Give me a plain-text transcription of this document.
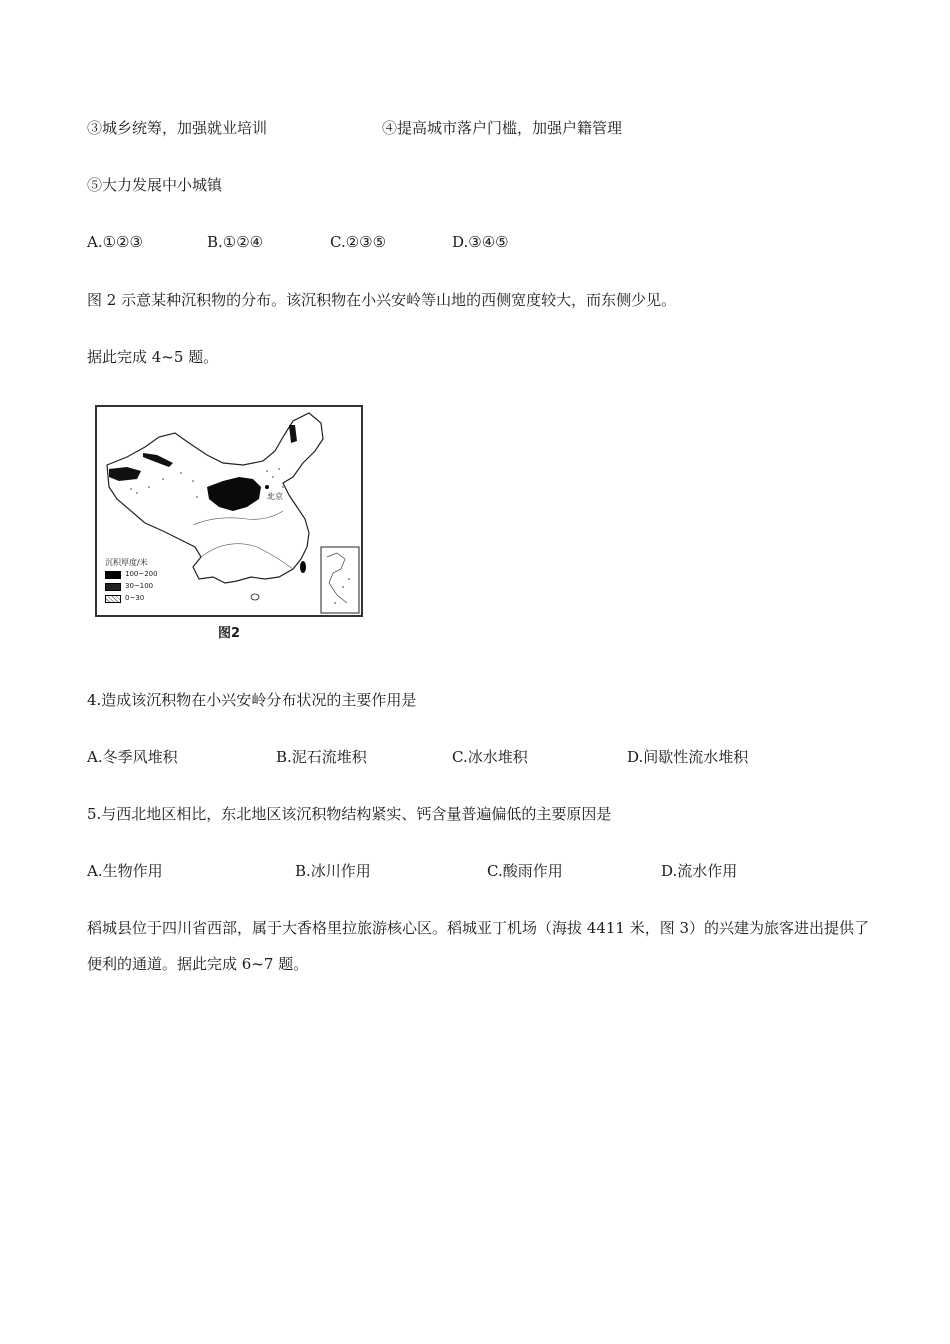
③城乡统筹，加强就业培训	④提高城市落户门槛，加强户籍管理
⑤大力发展中小城镇
A.①②③	B.①②④	C.②③⑤	D.③④⑤
图 2 示意某种沉积物的分布。该沉积物在小兴安岭等山地的西侧宽度较大，而东侧少见。
据此完成 4~5 题。
北京
沉积厚度/米
100~200
30~100
0~30
图2
4.造成该沉积物在小兴安岭分布状况的主要作用是
A.冬季风堆积	B.泥石流堆积	C.冰水堆积	D.间歇性流水堆积
5.与西北地区相比，东北地区该沉积物结构紧实、钙含量普遍偏低的主要原因是
A.生物作用	B.冰川作用	C.酸雨作用	D.流水作用
稻城县位于四川省西部，属于大香格里拉旅游核心区。稻城亚丁机场（海拔 4411 米，图 3）的兴建为旅客进出提供了便利的通道。据此完成 6~7 题。
